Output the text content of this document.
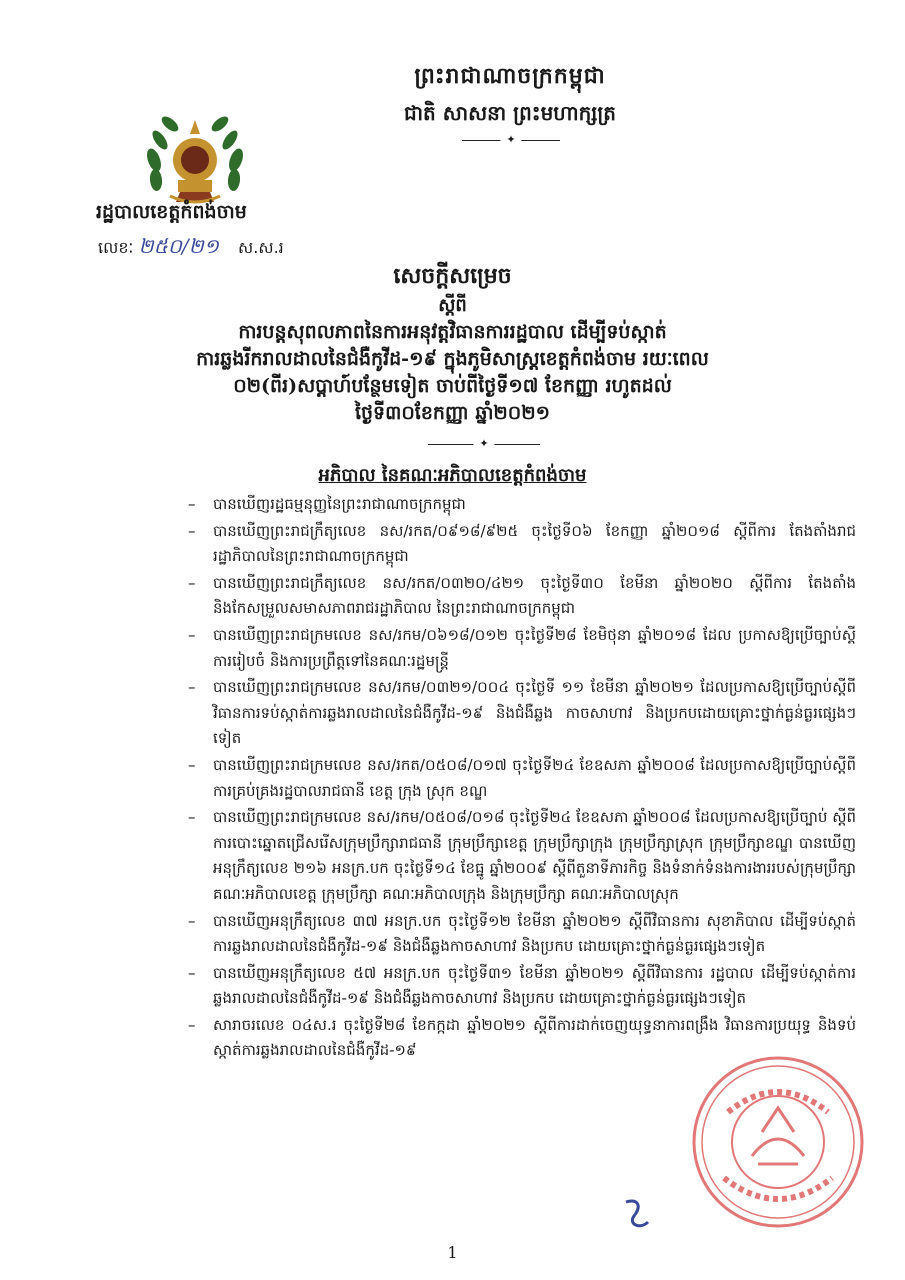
ព្រះរាជាណាចក្រកម្ពុជា
ជាតិ សាសនា ព្រះមហាក្សត្រ
✦
រដ្ឋបាលខេត្តកំពង់ចាម
លេខៈ ២៥០/២១ ស.ស.រ
សេចក្តីសម្រេច
ស្តីពី
ការបន្តសុពលភាពនៃការអនុវត្តវិធានការរដ្ឋបាល ដើម្បីទប់ស្កាត់
ការឆ្លងរីករាលដាលនៃជំងឺកូវីដ-១៩ ក្នុងភូមិសាស្ត្រខេត្តកំពង់ចាម រយៈពេល
០២(ពីរ)សប្តាហ៍បន្ថែមទៀត ចាប់ពីថ្ងៃទី១៧ ខែកញ្ញា រហូតដល់
ថ្ងៃទី៣០ខែកញ្ញា ឆ្នាំ២០២១
✦
អភិបាល នៃគណៈអភិបាលខេត្តកំពង់ចាម
– បានឃើញរដ្ឋធម្មនុញ្ញនៃព្រះរាជាណាចក្រកម្ពុជា
– បានឃើញព្រះរាជក្រឹត្យលេខ នស/រកត/០៩១៨/៩២៥ ចុះថ្ងៃទី០៦ ខែកញ្ញា ឆ្នាំ២០១៨ ស្តីពីការ តែងតាំងរាជរដ្ឋាភិបាលនៃព្រះរាជាណាចក្រកម្ពុជា
– បានឃើញព្រះរាជក្រឹត្យលេខ នស/រកត/០៣២០/៤២១ ចុះថ្ងៃទី៣០ ខែមីនា ឆ្នាំ២០២០ ស្តីពីការ តែងតាំង និងកែសម្រួលសមាសភាពរាជរដ្ឋាភិបាល នៃព្រះរាជាណាចក្រកម្ពុជា
– បានឃើញព្រះរាជក្រមលេខ នស/រកម/០៦១៨/០១២ ចុះថ្ងៃទី២៨ ខែមិថុនា ឆ្នាំ២០១៨ ដែល ប្រកាសឱ្យប្រើច្បាប់ស្តីការរៀបចំ និងការប្រព្រឹត្តទៅនៃគណៈរដ្ឋមន្ត្រី
– បានឃើញព្រះរាជក្រមលេខ នស/រកម/០៣២១/០០៤ ចុះថ្ងៃទី ១១ ខែមីនា ឆ្នាំ២០២១ ដែលប្រកាសឱ្យប្រើច្បាប់ស្តីពីវិធានការទប់ស្កាត់ការឆ្លងរាលដាលនៃជំងឺកូវីដ-១៩ និងជំងឺឆ្លង កាចសាហាវ និងប្រកបដោយគ្រោះថ្នាក់ធ្ងន់ធ្ងរផ្សេងៗទៀត
– បានឃើញព្រះរាជក្រមលេខ នស/រកត/០៥០៨/០១៧ ចុះថ្ងៃទី២៤ ខែឧសភា ឆ្នាំ២០០៨ ដែលប្រកាសឱ្យប្រើច្បាប់ស្តីពីការគ្រប់គ្រងរដ្ឋបាលរាជធានី ខេត្ត ក្រុង ស្រុក ខណ្ឌ
– បានឃើញព្រះរាជក្រមលេខ នស/រកម/០៥០៨/០១៨ ចុះថ្ងៃទី២៤ ខែឧសភា ឆ្នាំ២០០៨ ដែលប្រកាសឱ្យប្រើច្បាប់ ស្តីពី ការបោះឆ្នោតជ្រើសរើសក្រុមប្រឹក្សារាជធានី ក្រុមប្រឹក្សាខេត្ត ក្រុមប្រឹក្សាក្រុង ក្រុមប្រឹក្សាស្រុក ក្រុមប្រឹក្សាខណ្ឌ បានឃើញអនុក្រឹត្យលេខ ២១៦ អនក្រ.បក ចុះថ្ងៃទី១៤ ខែធ្នូ ឆ្នាំ២០០៩ ស្តីពីតួនាទីភារកិច្ច និងទំនាក់ទំនងការងាររបស់ក្រុមប្រឹក្សា គណៈអភិបាលខេត្ត ក្រុមប្រឹក្សា គណៈអភិបាលក្រុង និងក្រុមប្រឹក្សា គណៈអភិបាលស្រុក
– បានឃើញអនុក្រឹត្យលេខ ៣៧ អនក្រ.បក ចុះថ្ងៃទី១២ ខែមីនា ឆ្នាំ២០២១ ស្តីពីវិធានការ សុខាភិបាល ដើម្បីទប់ស្កាត់ការឆ្លងរាលដាលនៃជំងឺកូវីដ-១៩ និងជំងឺឆ្លងកាចសាហាវ និងប្រកប ដោយគ្រោះថ្នាក់ធ្ងន់ធ្ងរផ្សេងៗទៀត
– បានឃើញអនុក្រឹត្យលេខ ៥៧ អនក្រ.បក ចុះថ្ងៃទី៣១ ខែមីនា ឆ្នាំ២០២១ ស្តីពីវិធានការ រដ្ឋបាល ដើម្បីទប់ស្កាត់ការឆ្លងរាលដាលនៃជំងឺកូវីដ-១៩ និងជំងឺឆ្លងកាចសាហាវ និងប្រកប ដោយគ្រោះថ្នាក់ធ្ងន់ធ្ងរផ្សេងៗទៀត
– សារាចរលេខ ០៤ស.រ ចុះថ្ងៃទី២៨ ខែកក្កដា ឆ្នាំ២០២១ ស្តីពីការដាក់ចេញយុទ្ធនាការពង្រឹង វិធានការប្រយុទ្ធ និងទប់ស្កាត់ការឆ្លងរាលដាលនៃជំងឺកូវីដ-១៩
1
